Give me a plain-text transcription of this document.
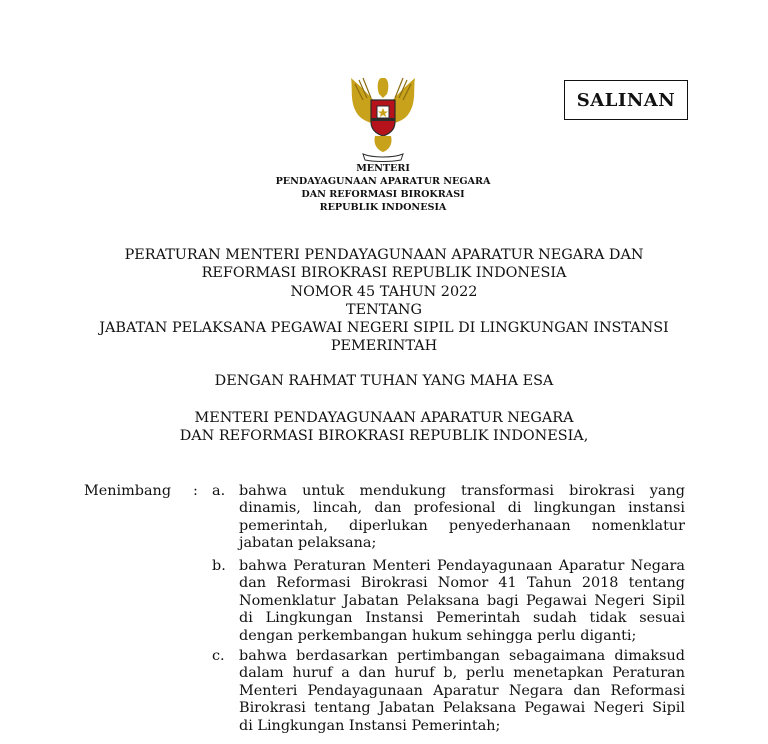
SALINAN
MENTERI
PENDAYAGUNAAN APARATUR NEGARA
DAN REFORMASI BIROKRASI
REPUBLIK INDONESIA
PERATURAN MENTERI PENDAYAGUNAAN APARATUR NEGARA DAN
REFORMASI BIROKRASI REPUBLIK INDONESIA
NOMOR 45 TAHUN 2022
TENTANG
JABATAN PELAKSANA PEGAWAI NEGERI SIPIL DI LINGKUNGAN INSTANSI
PEMERINTAH
DENGAN RAHMAT TUHAN YANG MAHA ESA
MENTERI PENDAYAGUNAAN APARATUR NEGARA
DAN REFORMASI BIROKRASI REPUBLIK INDONESIA,
Menimbang : a. bahwa untuk mendukung transformasi birokrasi yang
dinamis, lincah, dan profesional di lingkungan instansi
pemerintah, diperlukan penyederhanaan nomenklatur
jabatan pelaksana;
b. bahwa Peraturan Menteri Pendayagunaan Aparatur Negara
dan Reformasi Birokrasi Nomor 41 Tahun 2018 tentang
Nomenklatur Jabatan Pelaksana bagi Pegawai Negeri Sipil
di Lingkungan Instansi Pemerintah sudah tidak sesuai
dengan perkembangan hukum sehingga perlu diganti;
c. bahwa berdasarkan pertimbangan sebagaimana dimaksud
dalam huruf a dan huruf b, perlu menetapkan Peraturan
Menteri Pendayagunaan Aparatur Negara dan Reformasi
Birokrasi tentang Jabatan Pelaksana Pegawai Negeri Sipil
di Lingkungan Instansi Pemerintah;
